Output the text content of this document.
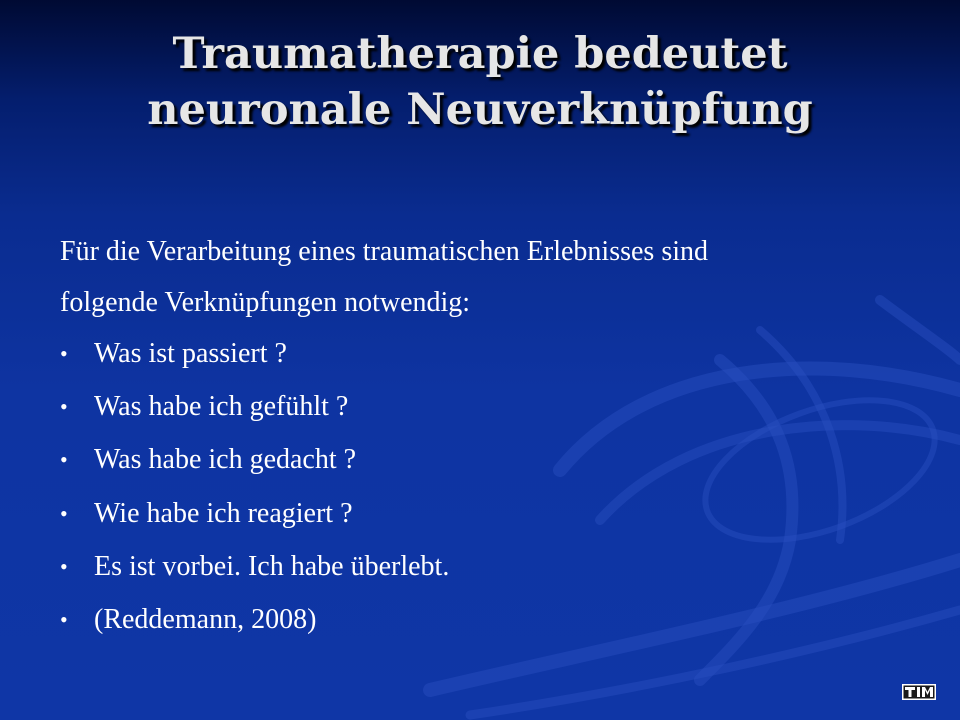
Traumatherapie bedeutet
neuronale Neuverknüpfung
Für die Verarbeitung eines traumatischen Erlebnisses sind
folgende Verknüpfungen notwendig:
• Was ist passiert ?
• Was habe ich gefühlt ?
• Was habe ich gedacht ?
• Wie habe ich reagiert ?
• Es ist vorbei. Ich habe überlebt.
• (Reddemann, 2008)
